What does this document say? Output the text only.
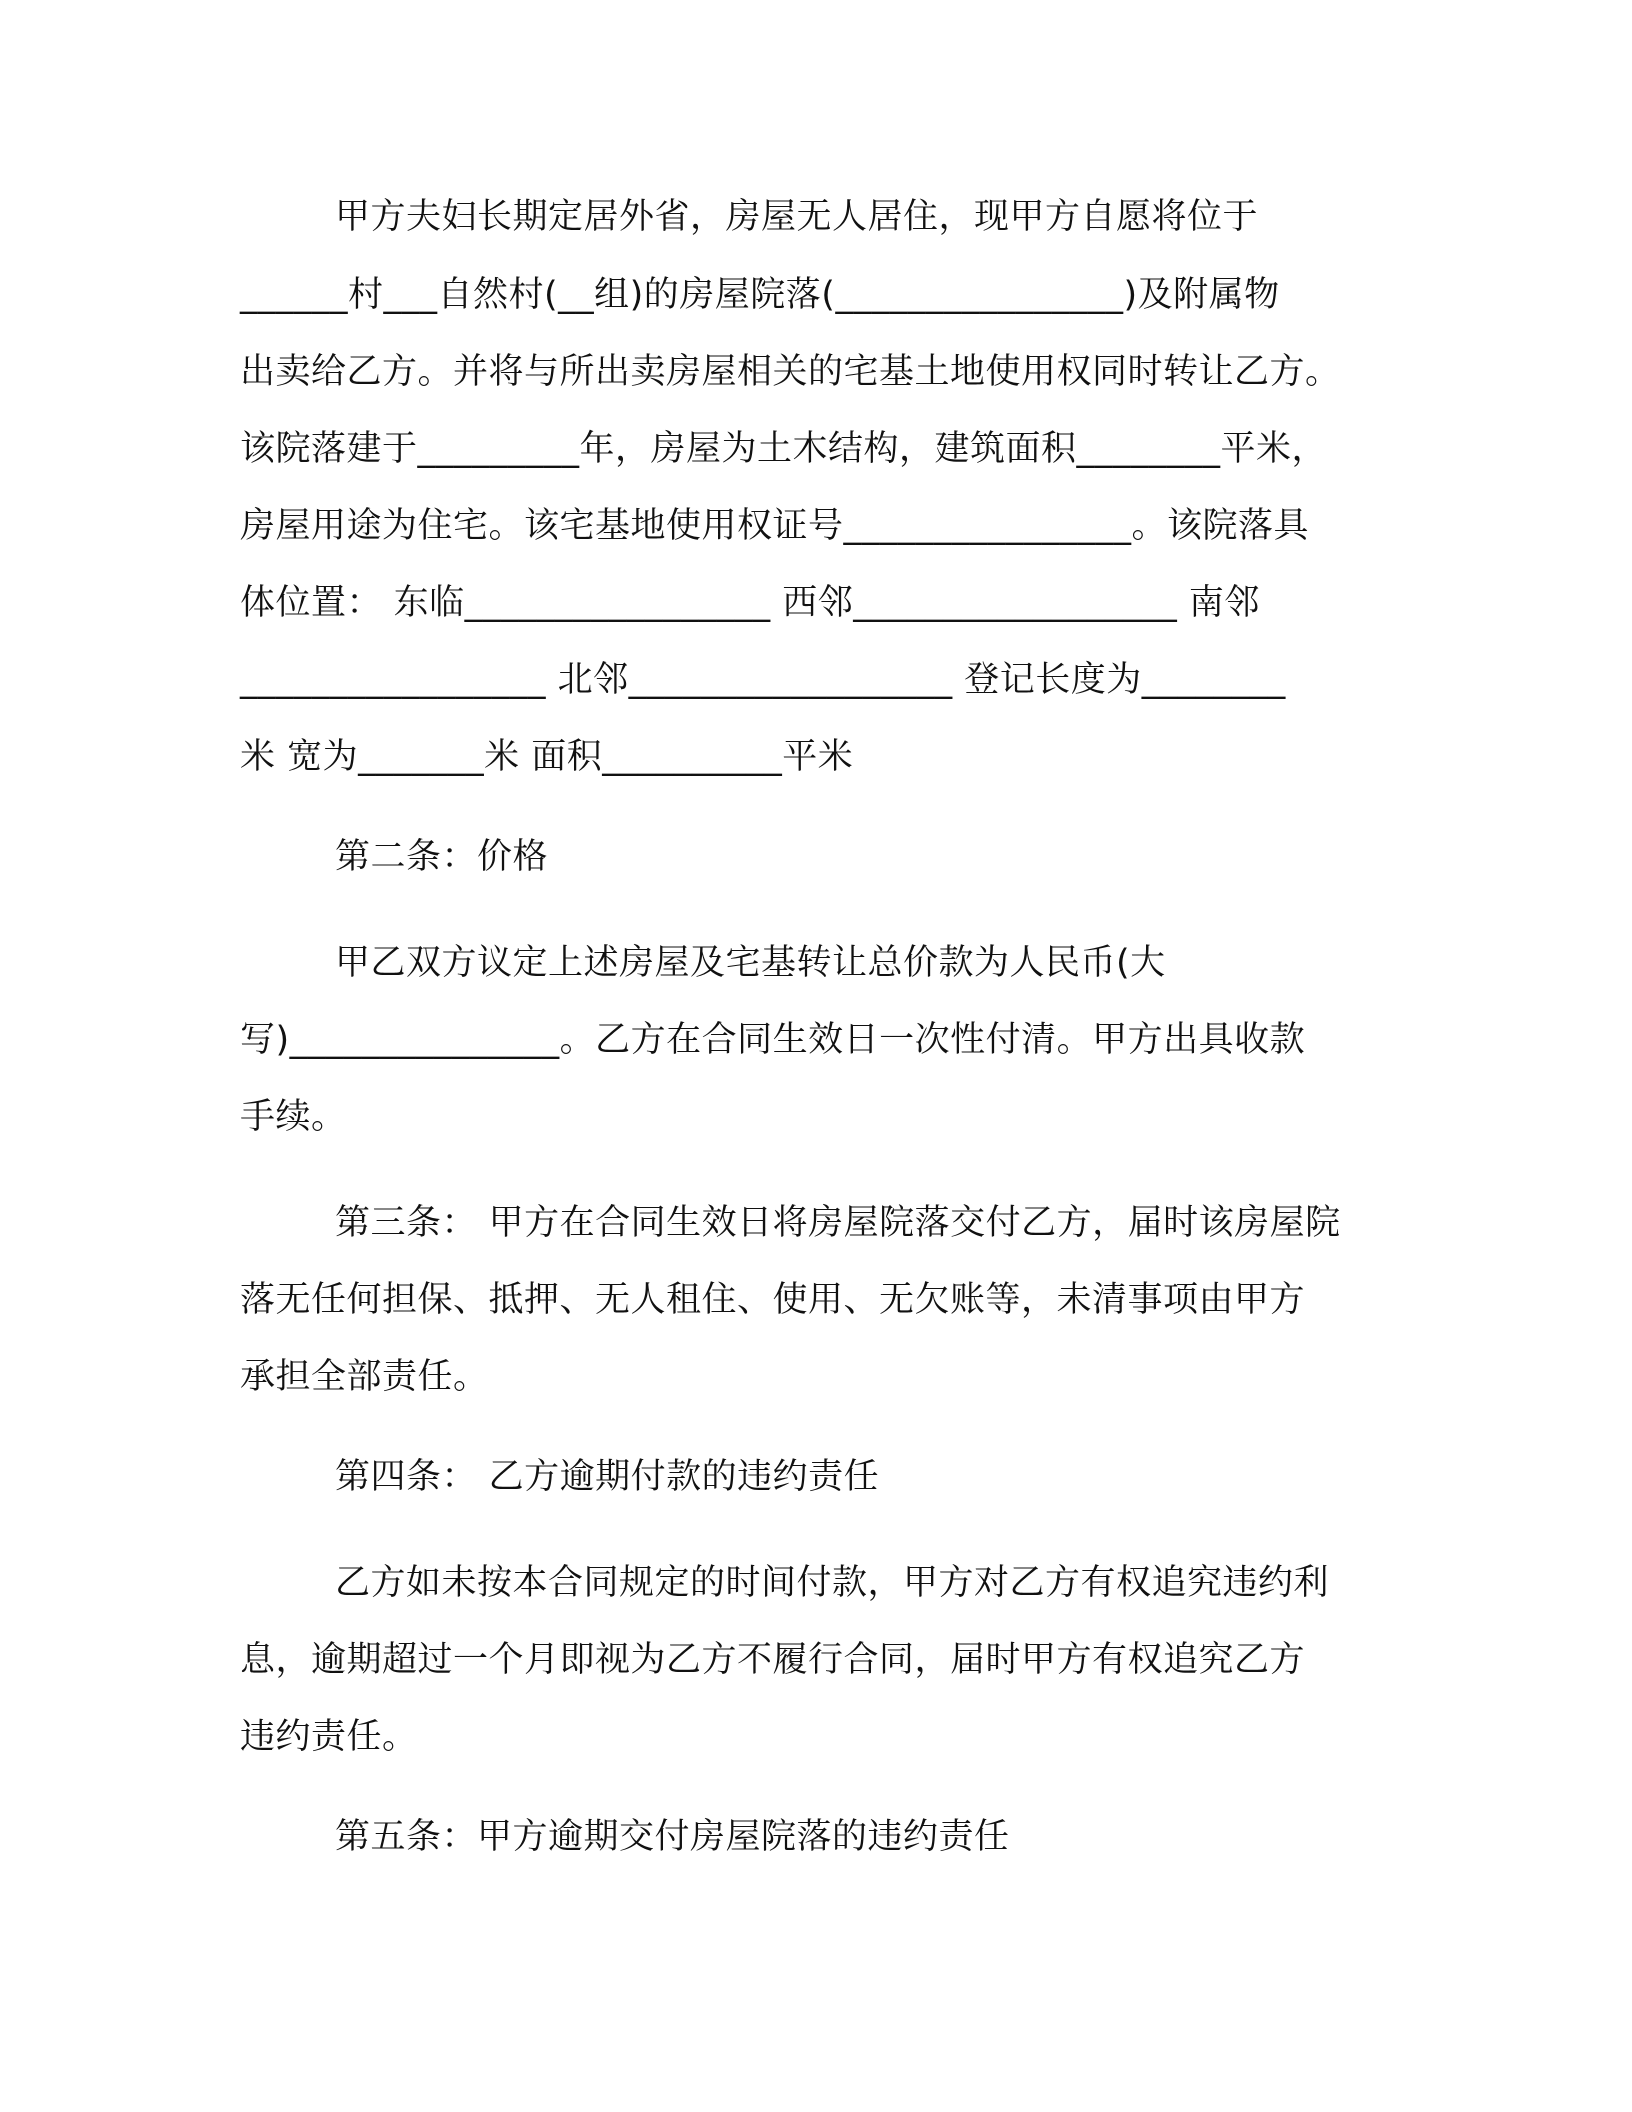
甲方夫妇长期定居外省，房屋无人居住，现甲方自愿将位于
______村___自然村(__组)的房屋院落(________________)及附属物
出卖给乙方。并将与所出卖房屋相关的宅基土地使用权同时转让乙方。
该院落建于_________年，房屋为土木结构，建筑面积________平米，
房屋用途为住宅。该宅基地使用权证号________________。该院落具
体位置： 东临_________________ 西邻__________________ 南邻
_________________ 北邻__________________ 登记长度为________
米 宽为_______米 面积__________平米
第二条：价格
甲乙双方议定上述房屋及宅基转让总价款为人民币(大
写)_______________。乙方在合同生效日一次性付清。甲方出具收款
手续。
第三条： 甲方在合同生效日将房屋院落交付乙方，届时该房屋院
落无任何担保、抵押、无人租住、使用、无欠账等，未清事项由甲方
承担全部责任。
第四条： 乙方逾期付款的违约责任
乙方如未按本合同规定的时间付款，甲方对乙方有权追究违约利
息，逾期超过一个月即视为乙方不履行合同，届时甲方有权追究乙方
违约责任。
第五条：甲方逾期交付房屋院落的违约责任
